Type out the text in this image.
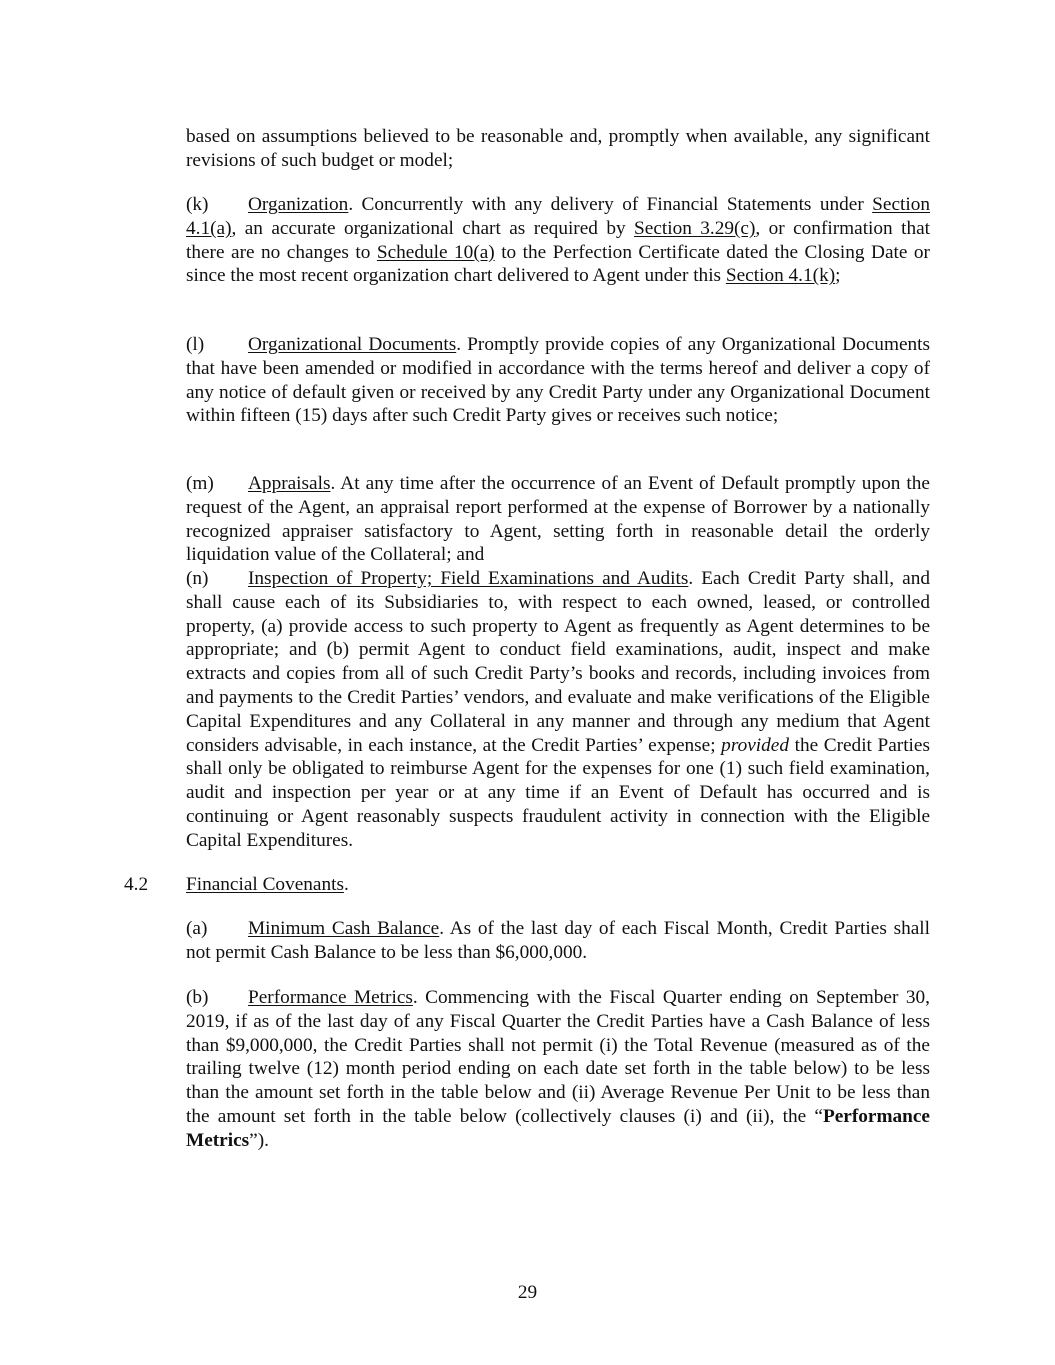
based on assumptions believed to be reasonable and, promptly when available, any significant revisions of such budget or model;
(k) Organization. Concurrently with any delivery of Financial Statements under Section 4.1(a), an accurate organizational chart as required by Section 3.29(c), or confirmation that there are no changes to Schedule 10(a) to the Perfection Certificate dated the Closing Date or since the most recent organization chart delivered to Agent under this Section 4.1(k);
(l) Organizational Documents. Promptly provide copies of any Organizational Documents that have been amended or modified in accordance with the terms hereof and deliver a copy of any notice of default given or received by any Credit Party under any Organizational Document within fifteen (15) days after such Credit Party gives or receives such notice;
(m) Appraisals. At any time after the occurrence of an Event of Default promptly upon the request of the Agent, an appraisal report performed at the expense of Borrower by a nationally recognized appraiser satisfactory to Agent, setting forth in reasonable detail the orderly liquidation value of the Collateral; and
(n) Inspection of Property; Field Examinations and Audits. Each Credit Party shall, and shall cause each of its Subsidiaries to, with respect to each owned, leased, or controlled property, (a) provide access to such property to Agent as frequently as Agent determines to be appropriate; and (b) permit Agent to conduct field examinations, audit, inspect and make extracts and copies from all of such Credit Party’s books and records, including invoices from and payments to the Credit Parties’ vendors, and evaluate and make verifications of the Eligible Capital Expenditures and any Collateral in any manner and through any medium that Agent considers advisable, in each instance, at the Credit Parties’ expense; provided the Credit Parties shall only be obligated to reimburse Agent for the expenses for one (1) such field examination, audit and inspection per year or at any time if an Event of Default has occurred and is continuing or Agent reasonably suspects fraudulent activity in connection with the Eligible Capital Expenditures.
4.2 Financial Covenants.
(a) Minimum Cash Balance. As of the last day of each Fiscal Month, Credit Parties shall not permit Cash Balance to be less than $6,000,000.
(b) Performance Metrics. Commencing with the Fiscal Quarter ending on September 30, 2019, if as of the last day of any Fiscal Quarter the Credit Parties have a Cash Balance of less than $9,000,000, the Credit Parties shall not permit (i) the Total Revenue (measured as of the trailing twelve (12) month period ending on each date set forth in the table below) to be less than the amount set forth in the table below and (ii) Average Revenue Per Unit to be less than the amount set forth in the table below (collectively clauses (i) and (ii), the “Performance Metrics”).
29
